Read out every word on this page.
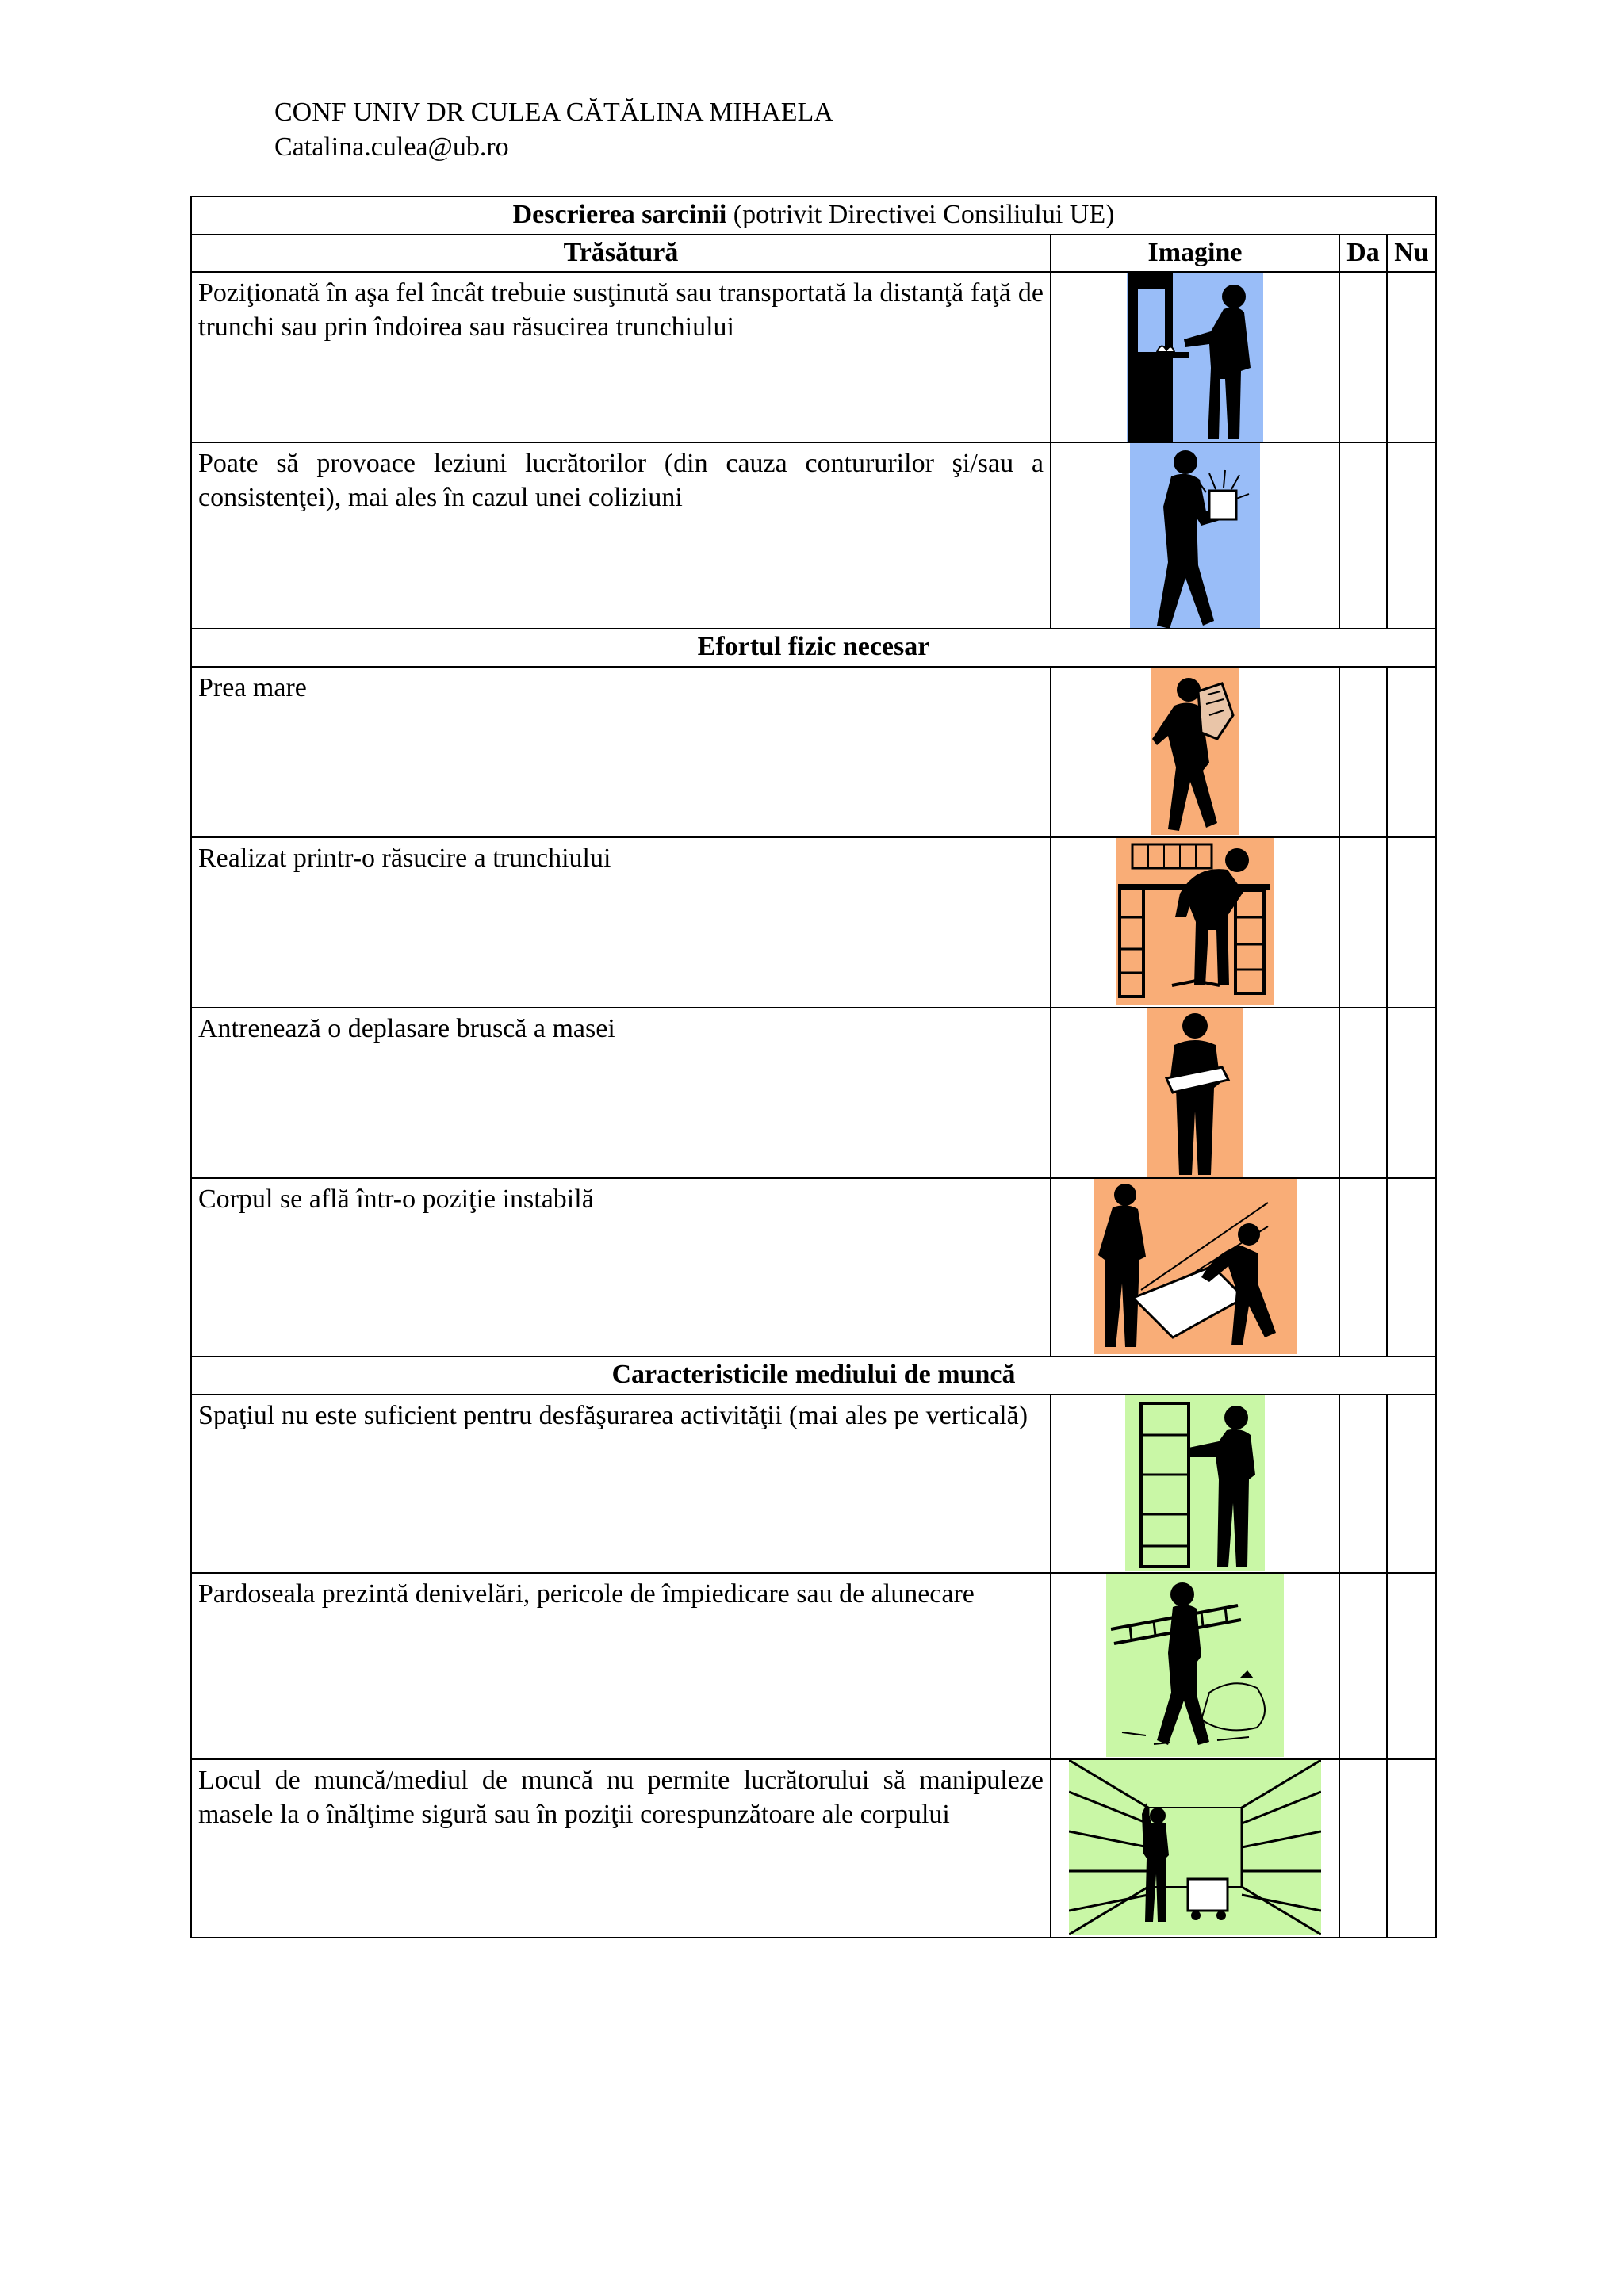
CONF UNIV DR CULEA CĂTĂLINA MIHAELA
Catalina.culea@ub.ro
Descrierea sarcinii (potrivit Directivei Consiliului UE)			
Trăsătură	Imagine	Da	Nu
Poziţionată în aşa fel încât trebuie susţinută sau transportată la distanţă faţă de trunchi sau prin îndoirea sau răsucirea trunchiului	

Poate să provoace leziuni lucrătorilor (din cauza contururilor şi/sau a consistenţei), mai ales în cazul unei coliziuni	

Efortul fizic necesar			
Prea mare	

Realizat printr-o răsucire a trunchiului	

Antrenează o deplasare bruscă a masei	

Corpul se află într-o poziţie instabilă	

Caracteristicile mediului de muncă			
Spaţiul nu este suficient pentru desfăşurarea activităţii (mai ales pe verticală)	

Pardoseala prezintă denivelări, pericole de împiedicare sau de alunecare	

Locul de muncă/mediul de muncă nu permite lucrătorului să manipuleze masele la o înălţime sigură sau în poziţii corespunzătoare ale corpului	
